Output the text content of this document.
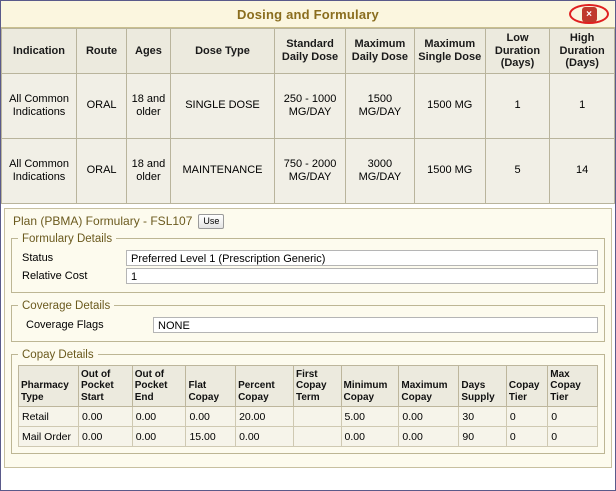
Dosing and Formulary	×
Indication	Route	Ages	Dose Type	Standard Daily Dose	Maximum Daily Dose	Maximum Single Dose	Low Duration (Days)	High Duration (Days)
All Common Indications	ORAL	18 and older	SINGLE DOSE	250 - 1000 MG/DAY	1500 MG/DAY	1500 MG	1	1
All Common Indications	ORAL	18 and older	MAINTENANCE	750 - 2000 MG/DAY	3000 MG/DAY	1500 MG	5	14
Plan (PBMA) Formulary - FSL107	Use
Formulary Details
Status	Preferred Level 1 (Prescription Generic)
Relative Cost	1
Coverage Details
Coverage Flags	NONE
Copay Details
Pharmacy Type	Out of Pocket Start	Out of Pocket End	Flat Copay	Percent Copay	First Copay Term	Minimum Copay	Maximum Copay	Days Supply	Copay Tier	Max Copay Tier
Retail	0.00	0.00	0.00	20.00		5.00	0.00	30	0	0
Mail Order	0.00	0.00	15.00	0.00		0.00	0.00	90	0	0
